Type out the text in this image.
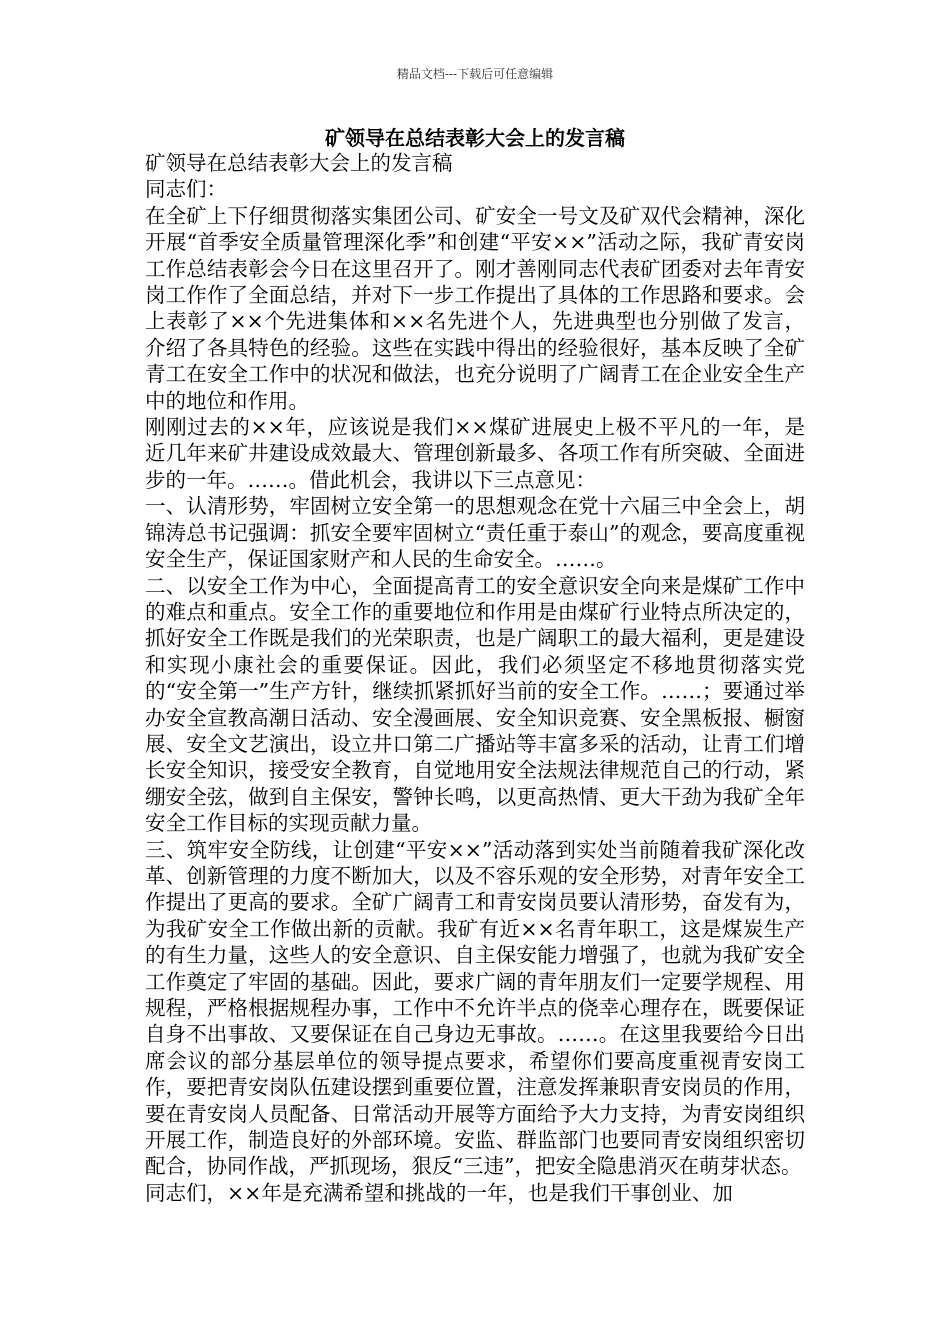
精品文档---下载后可任意编辑
矿领导在总结表彰大会上的发言稿

矿领导在总结表彰大会上的发言稿

同志们：

在全矿上下仔细贯彻落实集团公司、矿安全一号文及矿双代会精神，深化开展“首季安全质量管理深化季”和创建“平安××”活动之际，我矿青安岗工作总结表彰会今日在这里召开了。刚才善刚同志代表矿团委对去年青安岗工作作了全面总结，并对下一步工作提出了具体的工作思路和要求。会上表彰了××个先进集体和××名先进个人，先进典型也分别做了发言，介绍了各具特色的经验。这些在实践中得出的经验很好，基本反映了全矿青工在安全工作中的状况和做法，也充分说明了广阔青工在企业安全生产中的地位和作用。

刚刚过去的××年，应该说是我们××煤矿进展史上极不平凡的一年，是近几年来矿井建设成效最大、管理创新最多、各项工作有所突破、全面进步的一年。……。借此机会，我讲以下三点意见：

一、认清形势，牢固树立安全第一的思想观念在党十六届三中全会上，胡锦涛总书记强调：抓安全要牢固树立“责任重于泰山”的观念，要高度重视安全生产，保证国家财产和人民的生命安全。……。

二、以安全工作为中心，全面提高青工的安全意识安全向来是煤矿工作中的难点和重点。安全工作的重要地位和作用是由煤矿行业特点所决定的，抓好安全工作既是我们的光荣职责，也是广阔职工的最大福利，更是建设和实现小康社会的重要保证。因此，我们必须坚定不移地贯彻落实党的“安全第一”生产方针，继续抓紧抓好当前的安全工作。……；要通过举办安全宣教高潮日活动、安全漫画展、安全知识竞赛、安全黑板报、橱窗展、安全文艺演出，设立井口第二广播站等丰富多采的活动，让青工们增长安全知识，接受安全教育，自觉地用安全法规法律规范自己的行动，紧绷安全弦，做到自主保安，警钟长鸣，以更高热情、更大干劲为我矿全年安全工作目标的实现贡献力量。

三、筑牢安全防线，让创建“平安××”活动落到实处当前随着我矿深化改革、创新管理的力度不断加大，以及不容乐观的安全形势，对青年安全工作提出了更高的要求。全矿广阔青工和青安岗员要认清形势，奋发有为，为我矿安全工作做出新的贡献。我矿有近××名青年职工，这是煤炭生产的有生力量，这些人的安全意识、自主保安能力增强了，也就为我矿安全工作奠定了牢固的基础。因此，要求广阔的青年朋友们一定要学规程、用规程，严格根据规程办事，工作中不允许半点的侥幸心理存在，既要保证自身不出事故、又要保证在自己身边无事故。……。在这里我要给今日出席会议的部分基层单位的领导提点要求，希望你们要高度重视青安岗工作，要把青安岗队伍建设摆到重要位置，注意发挥兼职青安岗员的作用，要在青安岗人员配备、日常活动开展等方面给予大力支持，为青安岗组织开展工作，制造良好的外部环境。安监、群监部门也要同青安岗组织密切配合，协同作战，严抓现场，狠反“三违”，把安全隐患消灭在萌芽状态。

同志们，××年是充满希望和挑战的一年，也是我们干事创业、加
